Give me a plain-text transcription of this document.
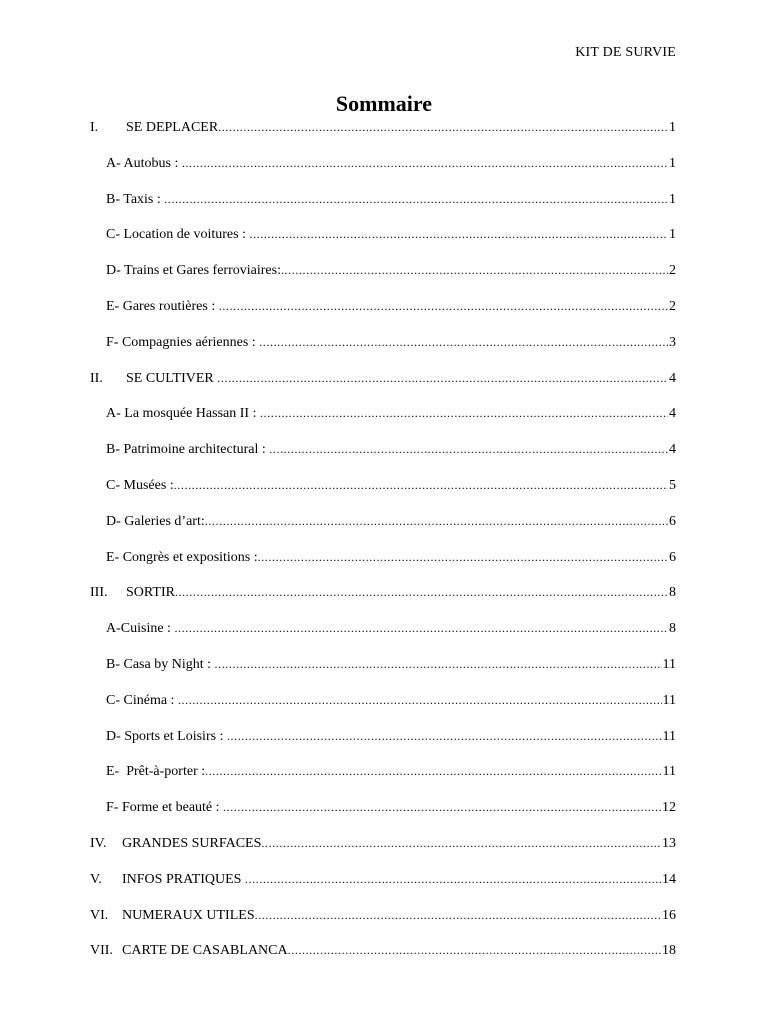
KIT DE SURVIE
Sommaire
I.	SE DEPLACER .....	1
A- Autobus : .....	1
B- Taxis : .....	1
C- Location de voitures : .....	1
D- Trains et Gares ferroviaires: .....	2
E- Gares routières : .....	2
F- Compagnies aériennes : .....	3
II.	SE CULTIVER .....	4
A- La mosquée Hassan II : .....	4
B- Patrimoine architectural : .....	4
C- Musées : .....	5
D- Galeries d’art: .....	6
E- Congrès et expositions : .....	6
III.	SORTIR .....	8
A-Cuisine : .....	8
B- Casa by Night : .....	11
C- Cinéma : .....	11
D- Sports et Loisirs : .....	11
E-  Prêt-à-porter : .....	11
F- Forme et beauté : .....	12
IV.	GRANDES SURFACES .....	13
V.	INFOS PRATIQUES .....	14
VI. NUMERAUX UTILES .....	16
VII. CARTE DE CASABLANCA .....	18
